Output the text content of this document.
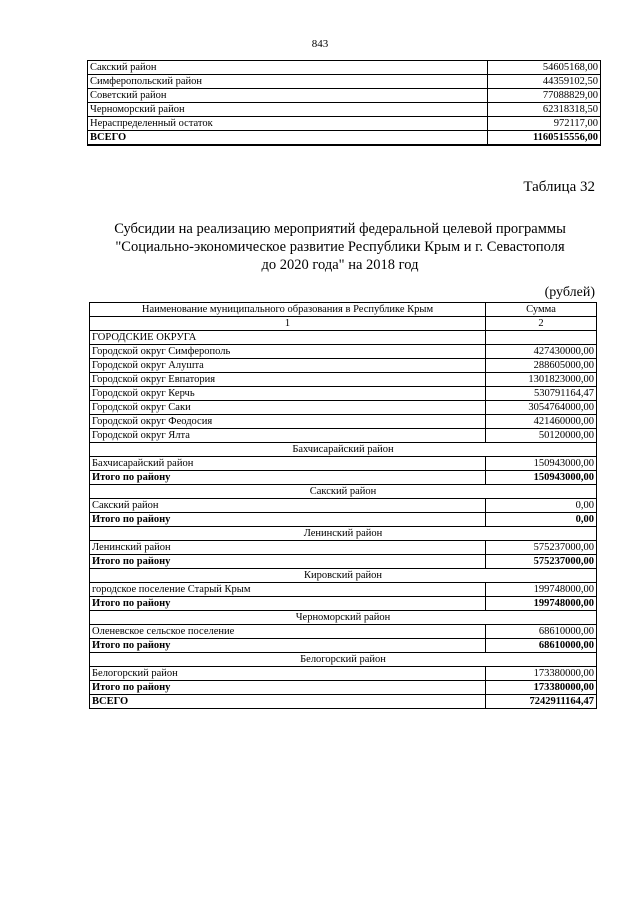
843
Сакский район	54605168,00
Симферопольский район	44359102,50
Советский район	77088829,00
Черноморский район	62318318,50
Нераспределенный остаток	972117,00
ВСЕГО	1160515556,00
Таблица 32
Субсидии на реализацию мероприятий федеральной целевой программы
"Социально-экономическое развитие Республики Крым и г. Севастополя
до 2020 года" на 2018 год
(рублей)
Наименование муниципального образования в Республике Крым	Сумма
1	2
ГОРОДСКИЕ ОКРУГА	
Городской округ Симферополь	427430000,00
Городской округ Алушта	288605000,00
Городской округ Евпатория	1301823000,00
Городской округ Керчь	530791164,47
Городской округ Саки	3054764000,00
Городской округ Феодосия	421460000,00
Городской округ Ялта	50120000,00
Бахчисарайский район	
Бахчисарайский район	150943000,00
Итого по району	150943000,00
Сакский район	
Сакский район	0,00
Итого по району	0,00
Ленинский район	
Ленинский район	575237000,00
Итого по району	575237000,00
Кировский район	
городское поселение Старый Крым	199748000,00
Итого по району	199748000,00
Черноморский район	
Оленевское сельское поселение	68610000,00
Итого по району	68610000,00
Белогорский район	
Белогорский район	173380000,00
Итого по району	173380000,00
ВСЕГО	7242911164,47
